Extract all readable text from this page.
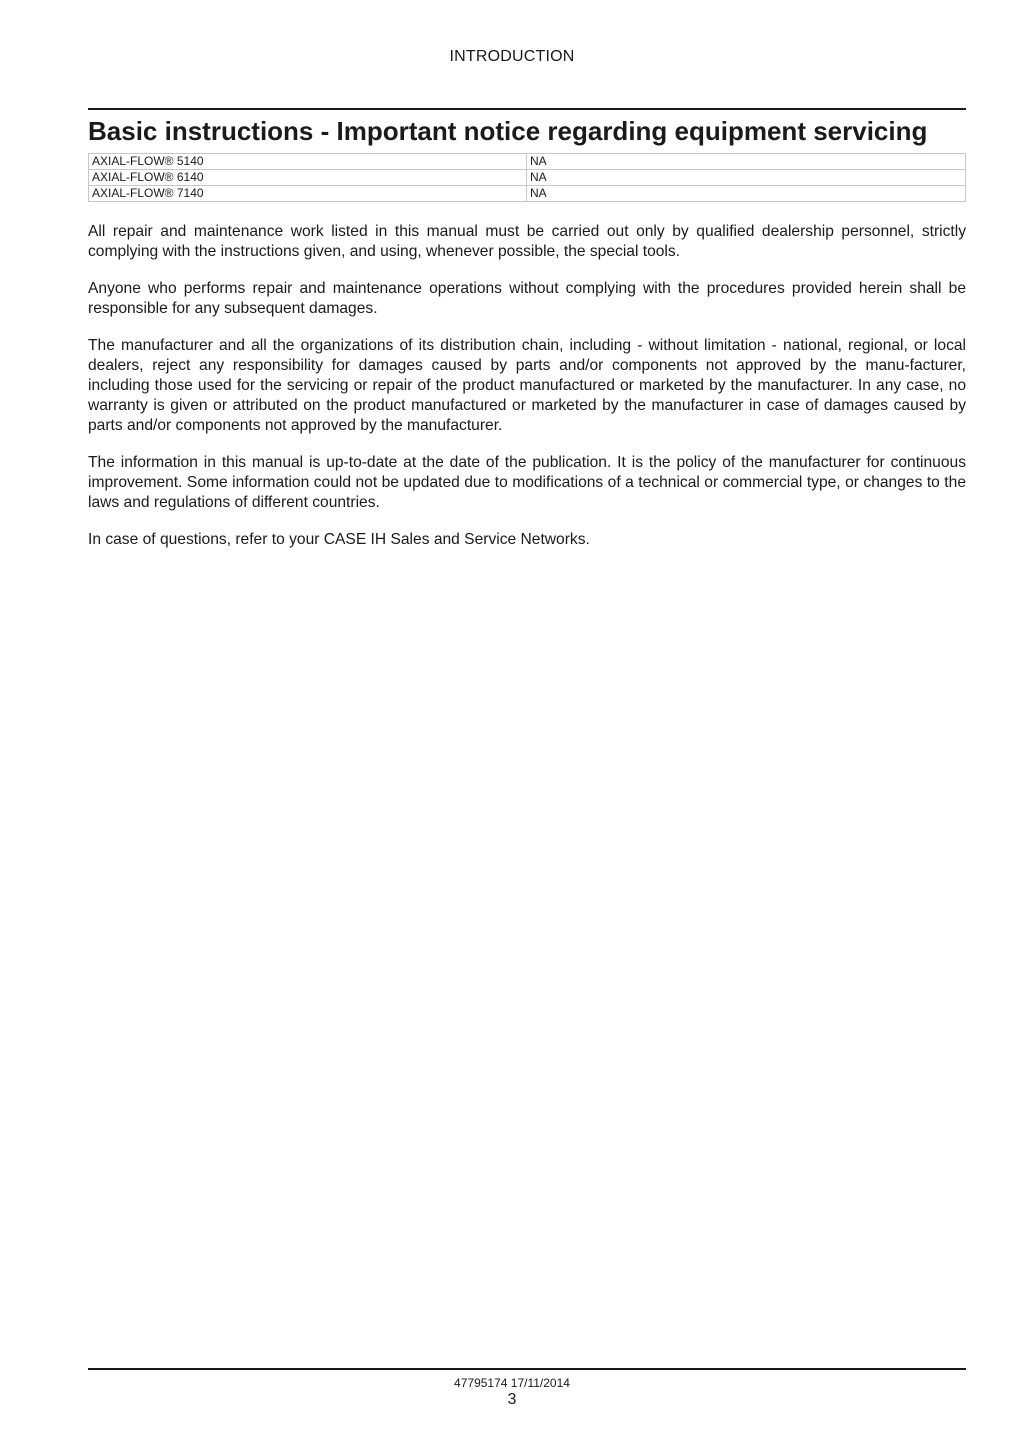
INTRODUCTION
Basic instructions - Important notice regarding equipment servicing
AXIAL-FLOW® 5140	NA
AXIAL-FLOW® 6140	NA
AXIAL-FLOW® 7140	NA

All repair and maintenance work listed in this manual must be carried out only by qualified dealership personnel, strictly complying with the instructions given, and using, whenever possible, the special tools.

Anyone who performs repair and maintenance operations without complying with the procedures provided herein shall be responsible for any subsequent damages.

The manufacturer and all the organizations of its distribution chain, including - without limitation - national, regional, or local dealers, reject any responsibility for damages caused by parts and/or components not approved by the manu-facturer, including those used for the servicing or repair of the product manufactured or marketed by the manufacturer. In any case, no warranty is given or attributed on the product manufactured or marketed by the manufacturer in case of damages caused by parts and/or components not approved by the manufacturer.

The information in this manual is up-to-date at the date of the publication. It is the policy of the manufacturer for continuous improvement. Some information could not be updated due to modifications of a technical or commercial type, or changes to the laws and regulations of different countries.

In case of questions, refer to your CASE IH Sales and Service Networks.

47795174 17/11/2014
3
